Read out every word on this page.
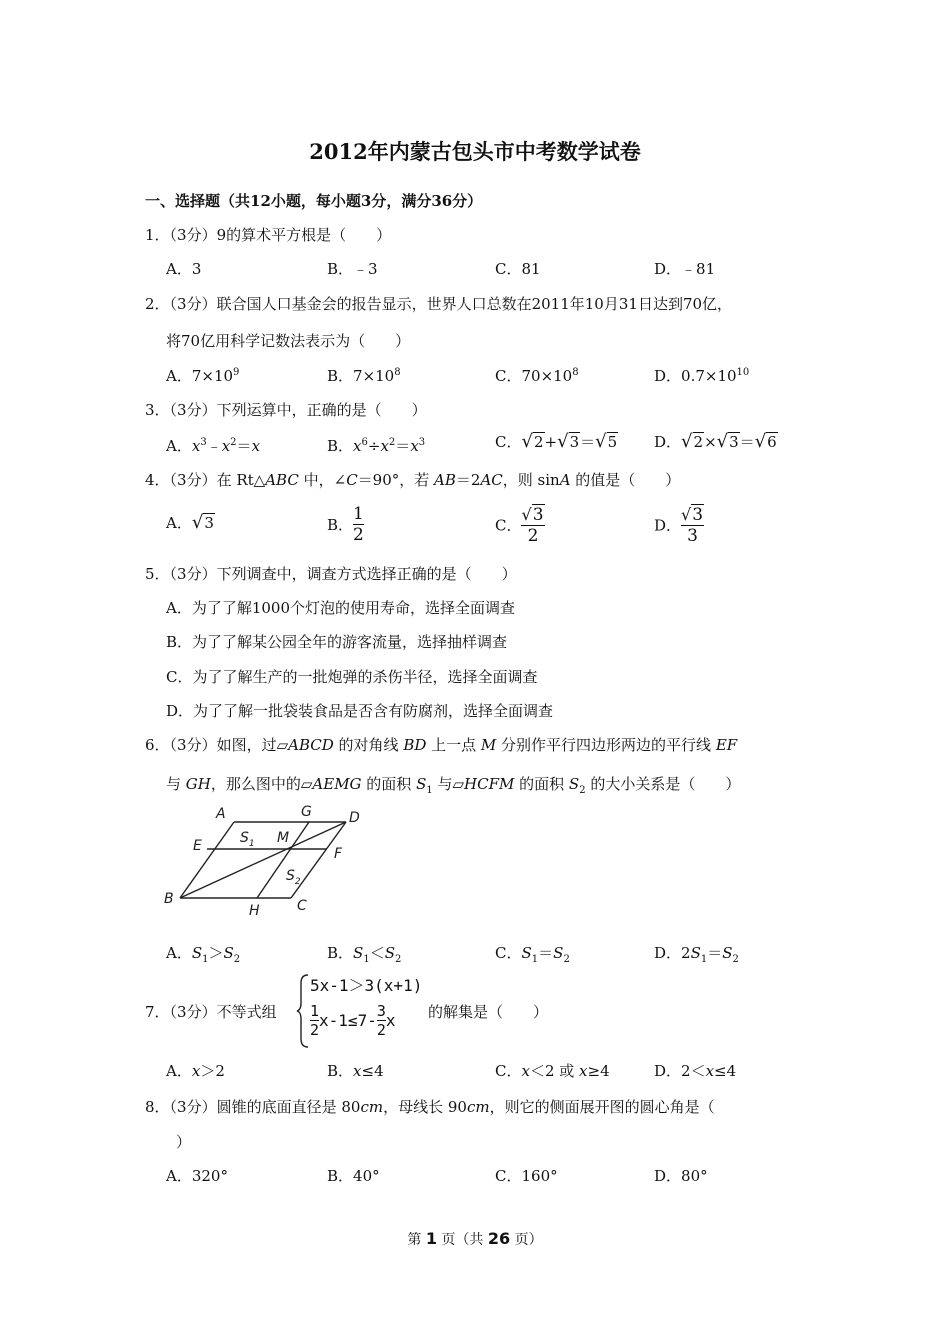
2012年内蒙古包头市中考数学试卷
一、选择题（共12小题，每小题3分，满分36分）
1．（3分）9的算术平方根是（　　）
A．3	B．﹣3	C．81	D．﹣81
2．（3分）联合国人口基金会的报告显示，世界人口总数在2011年10月31日达到70亿，
将70亿用科学记数法表示为（　　）
A．$7\times 10^9$	B．$7\times 10^8$	C．$70\times 10^8$	D．$0.7\times 10^{10}$
3．（3分）下列运算中，正确的是（　　）
A．$x^3﹣x^2=x$	B．$x^6\div x^2=x^3$	C．√2+√3＝√5 D．√2×√3＝√6
4．（3分）在 Rt△ABC 中，∠C＝90°，若 AB＝2AC，则 sinA 的值是（　　）
A．√3	B． $\frac{1}{2}$	C． $\frac{√3}{2}$	D． $\frac{√3}{3}$
5．（3分）下列调查中，调查方式选择正确的是（　　）
A．为了了解1000个灯泡的使用寿命，选择全面调查
B．为了了解某公园全年的游客流量，选择抽样调查
C．为了了解生产的一批炮弹的杀伤半径，选择全面调查
D．为了了解一批袋装食品是否含有防腐剂，选择全面调查
6．（3分）如图，过▱ABCD 的对角线 BD 上一点 M 分别作平行四边形两边的平行线 EF
与 GH，那么图中的▱AEMG 的面积 $S_1$ 与▱HCFM 的面积 $S_2$ 的大小关系是（　　）
A	G	D
E	M
F
B
H	C
$S_1$
$S_2$
A．$S_1>S_2$	B．$S_1<S_2$	C．$S_1=S_2$	D．$2S_1=S_2$
7．（3分）不等式组
5x-1＞3(x+1)
$\frac{1}{2} x-1\le 7- \frac{3}{2}$ x 的解集是（　　）
A．x＞2	B．x≤4	C．x＜2 或 x≥4	D．2＜x≤4
8．（3分）圆锥的底面直径是 80cm，母线长 90cm，则它的侧面展开图的圆心角是（
）
A．320°	B．40°	C．160°	D．80°
第 1 页（共 26 页）
